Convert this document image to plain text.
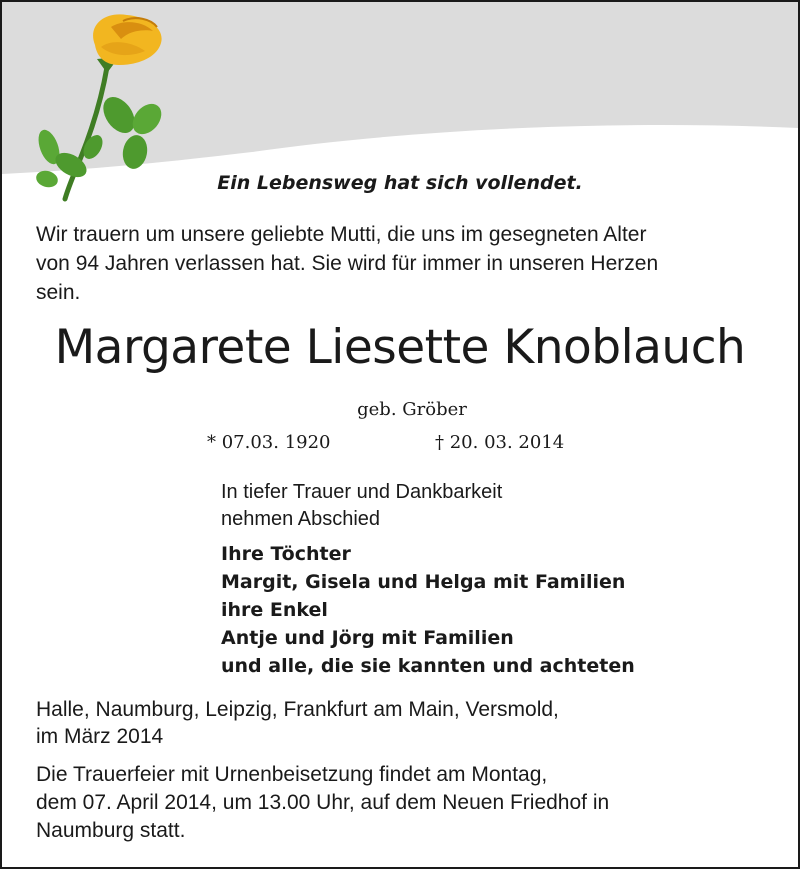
Ein Lebensweg hat sich vollendet.
Wir trauern um unsere geliebte Mutti, die uns im gesegneten Alter
von 94 Jahren verlassen hat. Sie wird für immer in unseren Herzen
sein.
Margarete Liesette Knoblauch
geb. Gröber
* 07.03. 1920	† 20. 03. 2014
In tiefer Trauer und Dankbarkeit
nehmen Abschied
Ihre Töchter
Margit, Gisela und Helga mit Familien
ihre Enkel
Antje und Jörg mit Familien
und alle, die sie kannten und achteten
Halle, Naumburg, Leipzig, Frankfurt am Main, Versmold,
im März 2014
Die Trauerfeier mit Urnenbeisetzung findet am Montag,
dem 07. April 2014, um 13.00 Uhr, auf dem Neuen Friedhof in
Naumburg statt.
